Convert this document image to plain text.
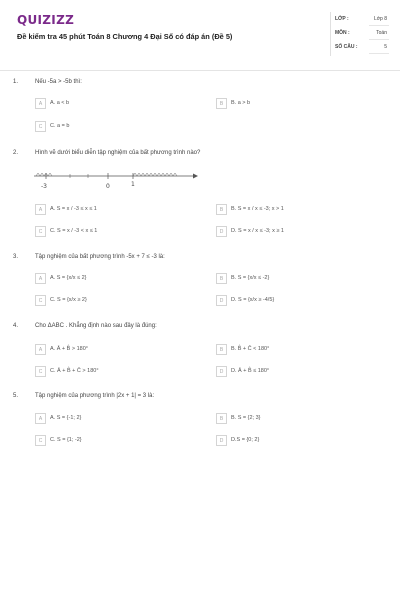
QUIZIZZ
Đề kiểm tra 45 phút Toán 8 Chương 4 Đại Số có đáp án (Đề 5)
LỚP :	Lớp 8
MÔN :	Toán
SỐ CÂU :	5
1.	Nếu -5a > -5b thì:
A	A. a < b	B	B. a > b
C	C. a = b
2.	Hình vẽ dưới biểu diễn tập nghiệm của bất phương trình nào?
-3	0	1
A	A. S = x / -3 ≤ x ≤ 1	B	B. S = x / x ≤ -3; x > 1
C	C. S = x / -3 < x ≤ 1	D	D. S = x / x ≤ -3; x ≥ 1
3.	Tập nghiệm của bất phương trình -5x + 7 ≤ -3 là:
A	A. S = {x/x ≤ 2}	B	B. S = {x/x ≤ -2}
C	C. S = {x/x ≥ 2}	D	D. S = {x/x ≥ -4/5}
4.	Cho ΔABC . Khẳng định nào sau đây là đúng:
A	A. Â + B̂ > 180°	B	B. B̂ + Ĉ < 180°
C	C. Â + B̂ + Ĉ > 180°	D	D. Â + B̂ ≤ 180°
5.	Tập nghiệm của phương trình |2x + 1| = 3 là:
A	A. S = {-1; 2}	B	B. S = {2; 3}
C	C. S = {1; -2}	D	D.S = {0; 2}
